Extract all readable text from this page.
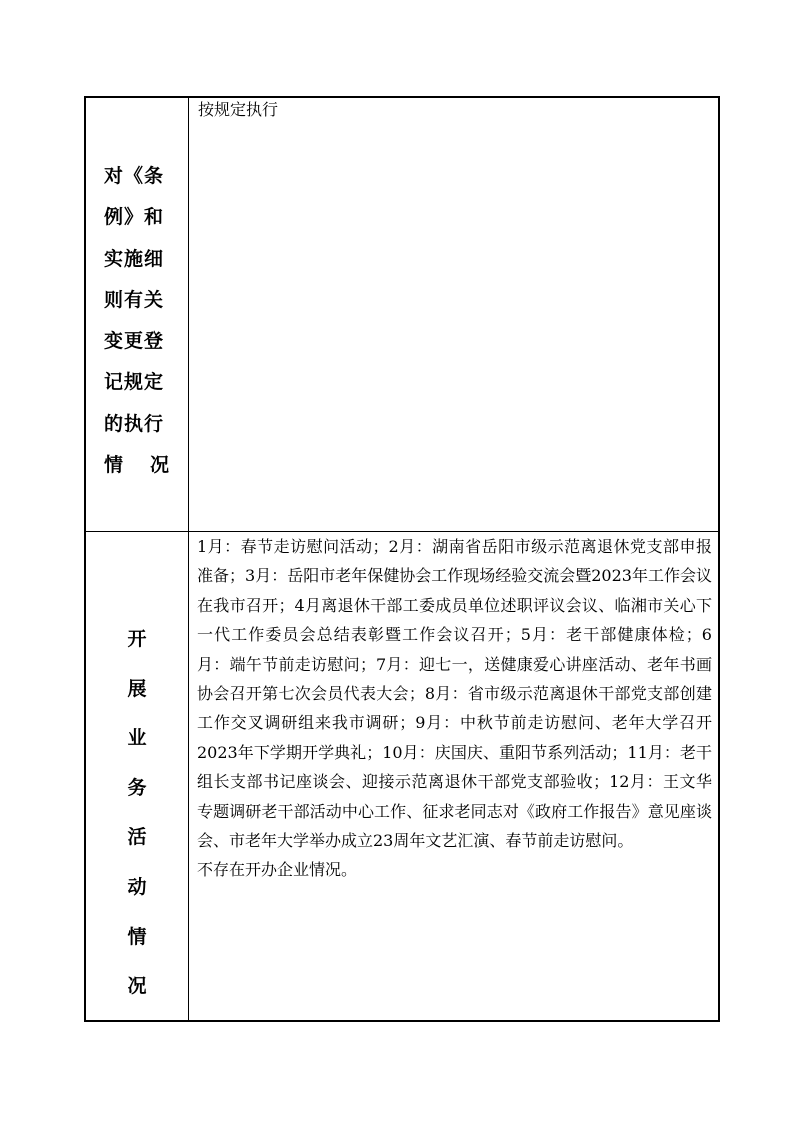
对《条
例》和
实施细
则有关
变更登
记规定
的执行
情 况
按规定执行
开
展
业
务
活
动
情
况

1月：春节走访慰问活动；2月：湖南省岳阳市级示范离退休党支部申报准备；3月：岳阳市老年保健协会工作现场经验交流会暨2023年工作会议在我市召开；4月离退休干部工委成员单位述职评议会议、临湘市关心下一代工作委员会总结表彰暨工作会议召开；5月：老干部健康体检；6月：端午节前走访慰问；7月：迎七一，送健康爱心讲座活动、老年书画协会召开第七次会员代表大会；8月：省市级示范离退休干部党支部创建工作交叉调研组来我市调研；9月：中秋节前走访慰问、老年大学召开2023年下学期开学典礼；10月：庆国庆、重阳节系列活动；11月：老干组长支部书记座谈会、迎接示范离退休干部党支部验收；12月：王文华专题调研老干部活动中心工作、征求老同志对《政府工作报告》意见座谈会、市老年大学举办成立23周年文艺汇演、春节前走访慰问。

不存在开办企业情况。
